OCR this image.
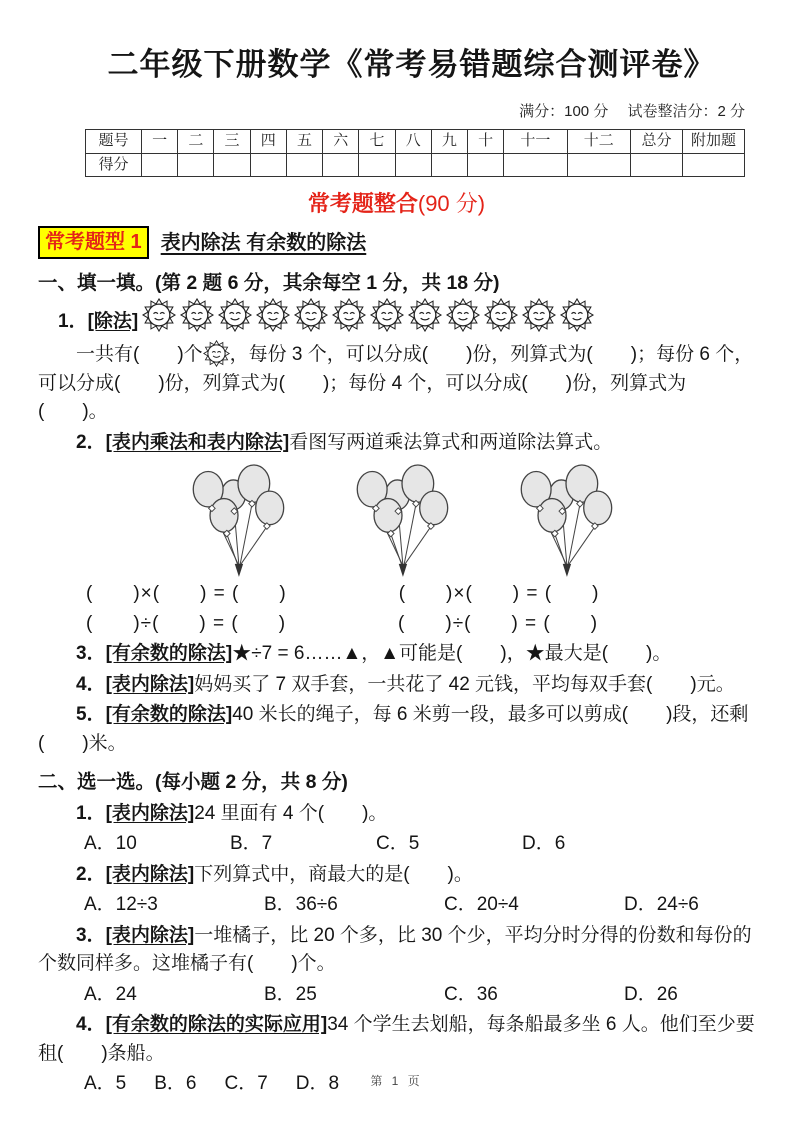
二年级下册数学《常考易错题综合测评卷》
满分：100 分　 试卷整洁分：2 分
题号	一	二	三	四	五	六	七	八	九	十	十一	十二	总分	附加题
得分														
常考题整合(90 分)
常考题型 1 表内除法 有余数的除法
一、填一填。(第 2 题 6 分，其余每空 1 分，共 18 分)
1． [除法]
一共有(　　)个 ，每份 3 个，可以分成(　　)份，列算式为(　　)；每份 6 个，可以分成(　　)份，列算式为(　　)；每份 4 个，可以分成(　　)份，列算式为(　　)。
2．[表内乘法和表内除法]看图写两道乘法算式和两道除法算式。
(　　)×(　　) = (　　)	(　　)×(　　) = (　　)
(　　)÷(　　) = (　　)	(　　)÷(　　) = (　　)
3．[有余数的除法]★÷7 = 6……▲，▲可能是(　　)，★最大是(　　)。
4．[表内除法]妈妈买了 7 双手套，一共花了 42 元钱，平均每双手套(　　)元。
5．[有余数的除法]40 米长的绳子，每 6 米剪一段，最多可以剪成(　　)段，还剩(　　)米。
二、选一选。(每小题 2 分，共 8 分)
1．[表内除法]24 里面有 4 个(　　)。
A．10	B．7	C．5	D．6
2．[表内除法]下列算式中，商最大的是(　　)。
A．12÷3	B．36÷6	C．20÷4	D．24÷6
3．[表内除法]一堆橘子，比 20 个多，比 30 个少，平均分时分得的份数和每份的个数同样多。这堆橘子有(　　)个。
A．24	B．25	C．36	D．26
4．[有余数的除法的实际应用]34 个学生去划船，每条船最多坐 6 人。他们至少要租(　　)条船。
A．5 B．6 C．7 D．8	第 1 页
